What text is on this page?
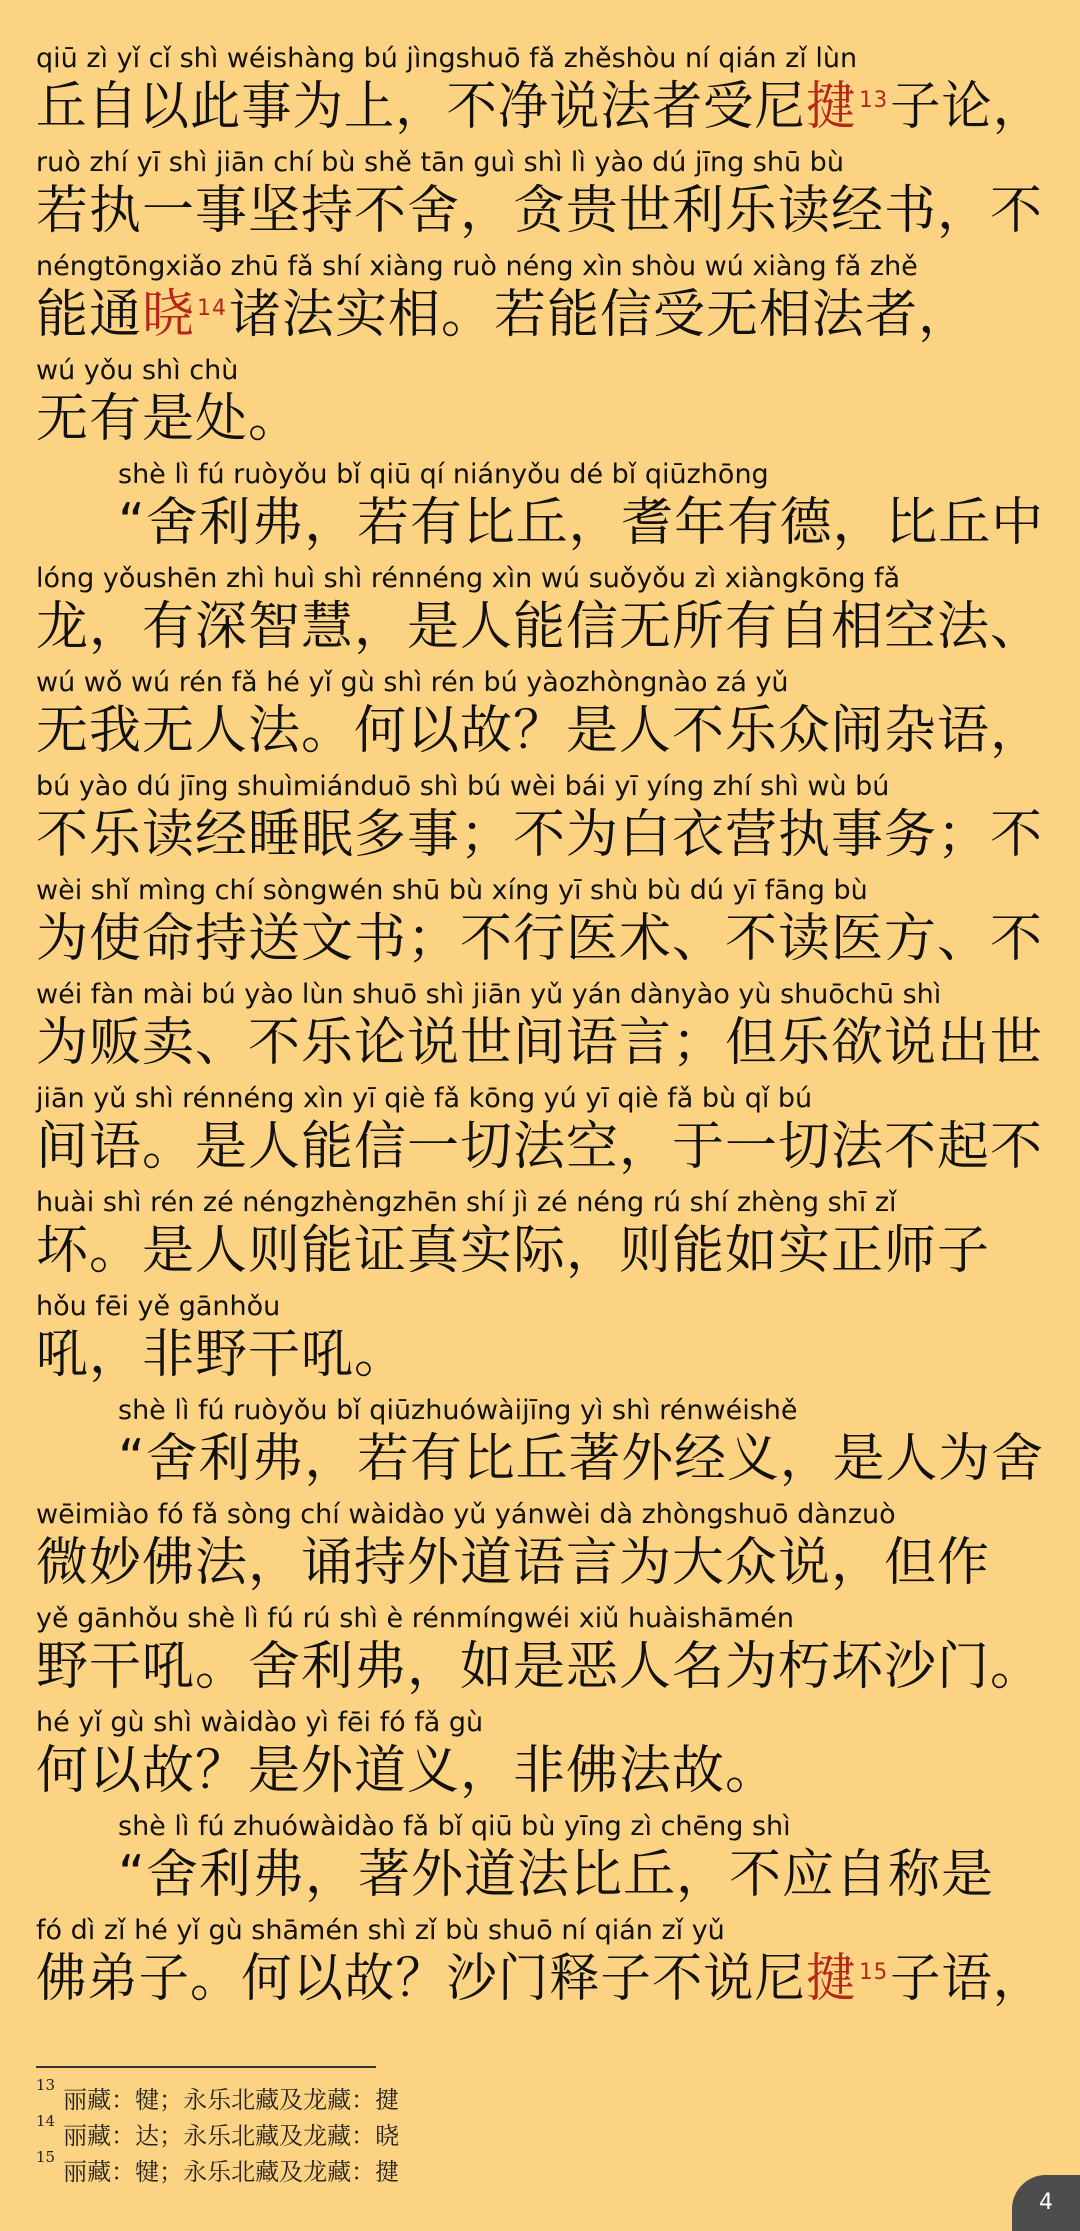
qiū zì yǐ cǐ shì wéishàng bú jìngshuō fǎ zhěshòu ní qián zǐ lùn
丘自以此事为上，不净说法者受尼揵$^{13}$子论，
ruò zhí yī shì jiān chí bù shě tān guì shì lì yào dú jīng shū bù
若执一事坚持不舍，贪贵世利乐读经书，不
néngtōngxiǎo zhū fǎ shí xiàng ruò néng xìn shòu wú xiàng fǎ zhě
能通晓$^{14}$诸法实相。若能信受无相法者，
wú yǒu shì chù
无有是处。
shè lì fú ruòyǒu bǐ qiū qí niányǒu dé bǐ qiūzhōng
“舍利弗，若有比丘，耆年有德，比丘中
lóng yǒushēn zhì huì shì rénnéng xìn wú suǒyǒu zì xiàngkōng fǎ
龙，有深智慧，是人能信无所有自相空法、
wú wǒ wú rén fǎ hé yǐ gù shì rén bú yàozhòngnào zá yǔ
无我无人法。何以故？是人不乐众闹杂语，
bú yào dú jīng shuìmiánduō shì bú wèi bái yī yíng zhí shì wù bú
不乐读经睡眠多事；不为白衣营执事务；不
wèi shǐ mìng chí sòngwén shū bù xíng yī shù bù dú yī fāng bù
为使命持送文书；不行医术、不读医方、不
wéi fàn mài bú yào lùn shuō shì jiān yǔ yán dànyào yù shuōchū shì
为贩卖、不乐论说世间语言；但乐欲说出世
jiān yǔ shì rénnéng xìn yī qiè fǎ kōng yú yī qiè fǎ bù qǐ bú
间语。是人能信一切法空，于一切法不起不
huài shì rén zé néngzhèngzhēn shí jì zé néng rú shí zhèng shī zǐ
坏。是人则能证真实际，则能如实正师子
hǒu fēi yě gānhǒu
吼，非野干吼。
shè lì fú ruòyǒu bǐ qiūzhuówàijīng yì shì rénwéishě
“舍利弗，若有比丘著外经义，是人为舍
wēimiào fó fǎ sòng chí wàidào yǔ yánwèi dà zhòngshuō dànzuò
微妙佛法，诵持外道语言为大众说，但作
yě gānhǒu shè lì fú rú shì è rénmíngwéi xiǔ huàishāmén
野干吼。舍利弗，如是恶人名为朽坏沙门。
hé yǐ gù shì wàidào yì fēi fó fǎ gù
何以故？是外道义，非佛法故。
shè lì fú zhuówàidào fǎ bǐ qiū bù yīng zì chēng shì
“舍利弗，著外道法比丘，不应自称是
fó dì zǐ hé yǐ gù shāmén shì zǐ bù shuō ní qián zǐ yǔ
佛弟子。何以故？沙门释子不说尼揵$^{15}$子语，
$^{13}$丽藏：犍；永乐北藏及龙藏：揵
$^{14}$丽藏：达；永乐北藏及龙藏：晓
$^{15}$丽藏：犍；永乐北藏及龙藏：揵
4
